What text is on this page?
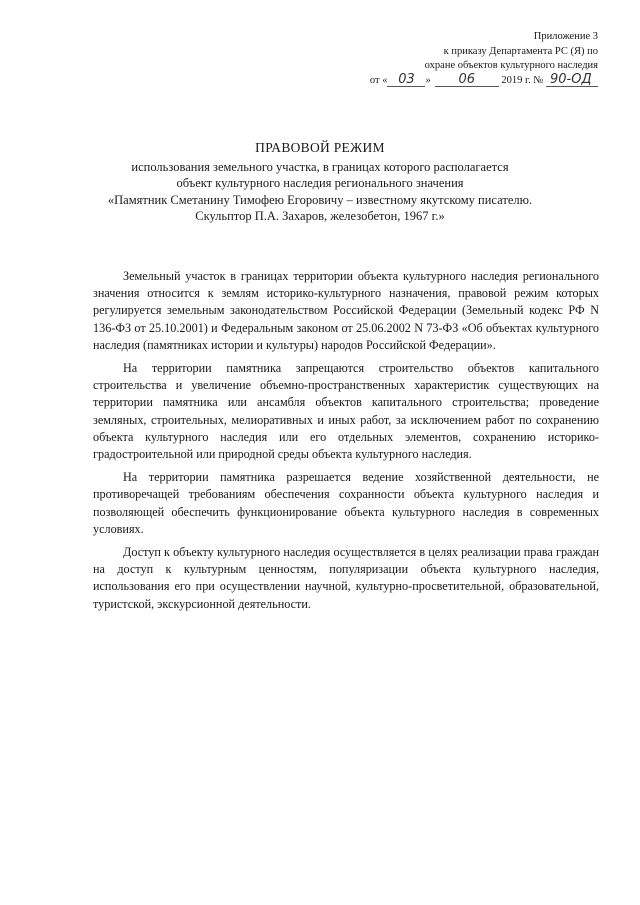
Приложение 3
к приказу Департамента РС (Я) по
охране объектов культурного наследия
от « 03 » 06	2019 г. № 90-ОД
ПРАВОВОЙ РЕЖИМ
использования земельного участка, в границах которого располагается
объект культурного наследия регионального значения
«Памятник Сметанину Тимофею Егоровичу – известному якутскому писателю.
Скульптор П.А. Захаров, железобетон, 1967 г.»

Земельный участок в границах территории объекта культурного наследия регионального значения относится к землям историко-культурного назначения, правовой режим которых регулируется земельным законодательством Российской Федерации (Земельный кодекс РФ N 136-ФЗ от 25.10.2001) и Федеральным законом от 25.06.2002 N 73-ФЗ «Об объектах культурного наследия (памятниках истории и культуры) народов Российской Федерации».

На территории памятника запрещаются строительство объектов капитального строительства и увеличение объемно-пространственных характеристик существующих на территории памятника или ансамбля объектов капитального строительства; проведение земляных, строительных, мелиоративных и иных работ, за исключением работ по сохранению объекта культурного наследия или его отдельных элементов, сохранению историко-градостроительной или природной среды объекта культурного наследия.

На территории памятника разрешается ведение хозяйственной деятельности, не противоречащей требованиям обеспечения сохранности объекта культурного наследия и позволяющей обеспечить функционирование объекта культурного наследия в современных условиях.

Доступ к объекту культурного наследия осуществляется в целях реализации права граждан на доступ к культурным ценностям, популяризации объекта культурного наследия, использования его при осуществлении научной, культурно-просветительной, образовательной, туристской, экскурсионной деятельности.
